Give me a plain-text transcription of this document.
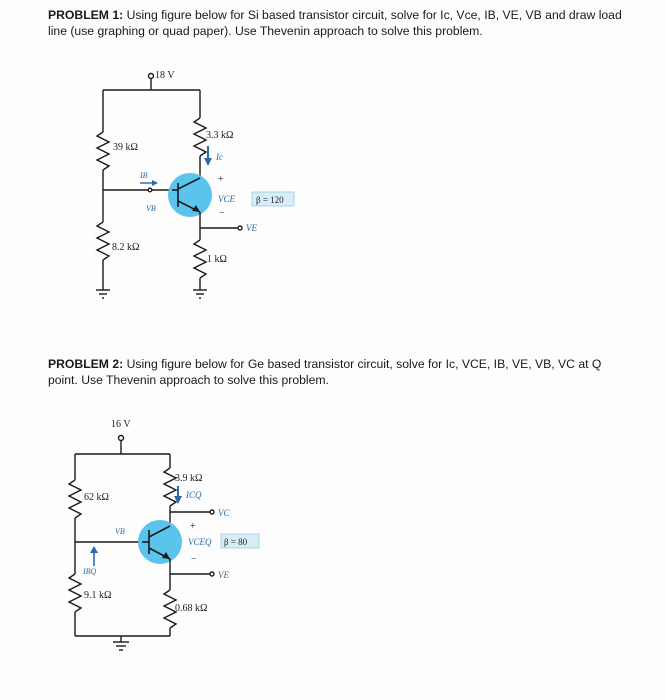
PROBLEM 1: Using figure below for Si based transistor circuit, solve for Ic, Vce, IB, VE, VB and draw load line (use graphing or quad paper). Use Thevenin approach to solve this problem.
PROBLEM 2: Using figure below for Ge based transistor circuit, solve for Ic, VCE, IB, VE, VB, VC at Q point. Use Thevenin approach to solve this problem.
18 V
39 kΩ
8.2 kΩ
3.3 kΩ
1 kΩ
Ic
IB
VB
VCE
VE
β = 120
+
−
16 V
62 kΩ
9.1 kΩ
3.9 kΩ
0.68 kΩ
ICQ
IBQ
VB
VC
VCEQ
VE
β = 80
+
−
